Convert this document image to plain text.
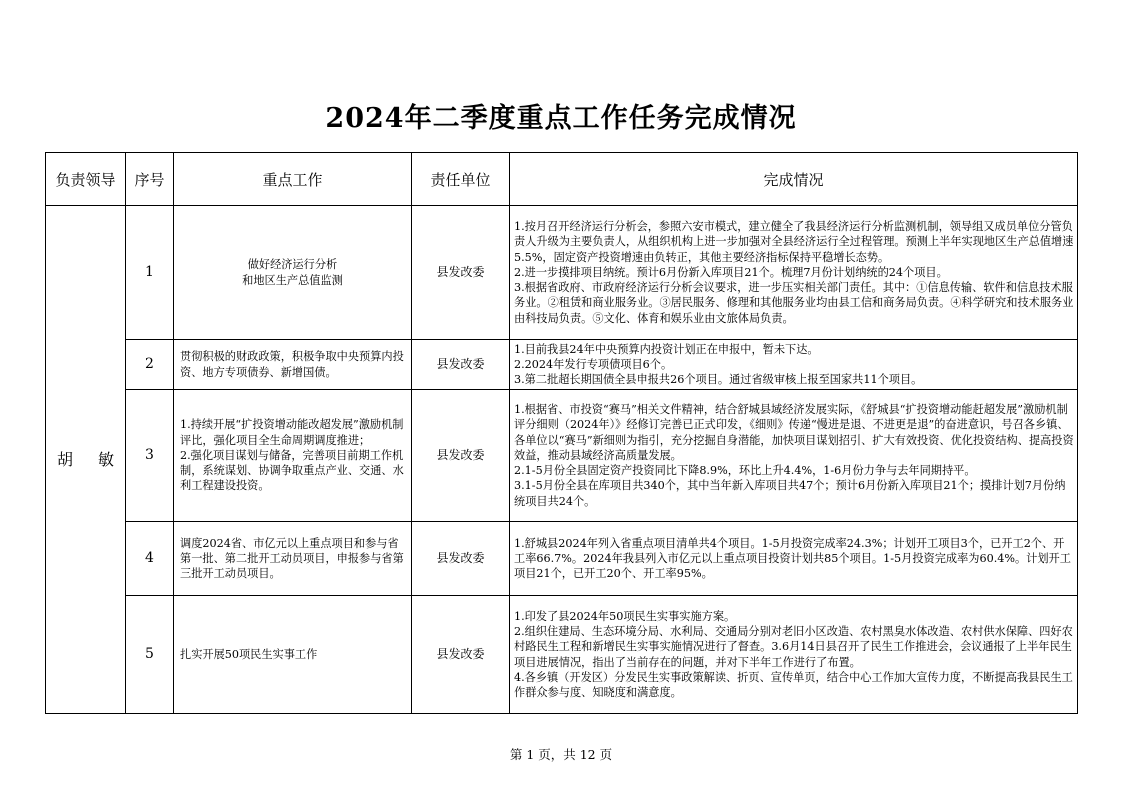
2024年二季度重点工作任务完成情况
负责领导	序号	重点工作	责任单位	完成情况
胡 敏	1	做好经济运行分析
和地区生产总值监测	县发改委	1.按月召开经济运行分析会，参照六安市模式，建立健全了我县经济运行分析监测机制，领导组又成员单位分管负责人升级为主要负责人，从组织机构上进一步加强对全县经济运行全过程管理。预测上半年实现地区生产总值增速5.5%，固定资产投资增速由负转正，其他主要经济指标保持平稳增长态势。
2.进一步摸排项目纳统。预计6月份新入库项目21个。梳理7月份计划纳统的24个项目。
3.根据省政府、市政府经济运行分析会议要求，进一步压实相关部门责任。其中：①信息传输、软件和信息技术服务业。②租赁和商业服务业。③居民服务、修理和其他服务业均由县工信和商务局负责。④科学研究和技术服务业由科技局负责。⑤文化、体育和娱乐业由文旅体局负责。

	2	贯彻积极的财政政策，积极争取中央预算内投资、地方专项债券、新增国债。	县发改委	1.目前我县24年中央预算内投资计划正在申报中，暂未下达。
2.2024年发行专项债项目6个。
3.第二批超长期国债全县申报共26个项目。通过省级审核上报至国家共11个项目。

	3	1.持续开展“扩投资增动能改超发展”激励机制评比，强化项目全生命周期调度推进；
2.强化项目谋划与储备，完善项目前期工作机制，系统谋划、协调争取重点产业、交通、水利工程建设投资。	县发改委	1.根据省、市投资“赛马”相关文件精神，结合舒城县域经济发展实际，《舒城县“扩投资增动能赶超发展”激励机制评分细则（2024年）》经修订完善已正式印发，《细则》传递“慢进是退、不进更是退”的奋进意识，号召各乡镇、各单位以“赛马”新细则为指引，充分挖掘自身潜能，加快项目谋划招引、扩大有效投资、优化投资结构、提高投资效益，推动县域经济高质量发展。
2.1-5月份全县固定资产投资同比下降8.9%，环比上升4.4%，1-6月份力争与去年同期持平。
3.1-5月份全县在库项目共340个，其中当年新入库项目共47个；预计6月份新入库项目21个；摸排计划7月份纳统项目共24个。

	4	调度2024省、市亿元以上重点项目和参与省第一批、第二批开工动员项目，申报参与省第三批开工动员项目。	县发改委	1.舒城县2024年列入省重点项目清单共4个项目。1-5月投资完成率24.3%；计划开工项目3个，已开工2个、开工率66.7%。2024年我县列入市亿元以上重点项目投资计划共85个项目。1-5月投资完成率为60.4%。计划开工项目21个，已开工20个、开工率95%。

	5	扎实开展50项民生实事工作	县发改委	1.印发了县2024年50项民生实事实施方案。
2.组织住建局、生态环境分局、水利局、交通局分别对老旧小区改造、农村黑臭水体改造、农村供水保障、四好农村路民生工程和新增民生实事实施情况进行了督查。3.6月14日县召开了民生工作推进会，会议通报了上半年民生项目进展情况，指出了当前存在的问题，并对下半年工作进行了布置。
4.各乡镇（开发区）分发民生实事政策解读、折页、宣传单页，结合中心工作加大宣传力度，不断提高我县民生工作群众参与度、知晓度和满意度。
第 1 页，共 12 页
